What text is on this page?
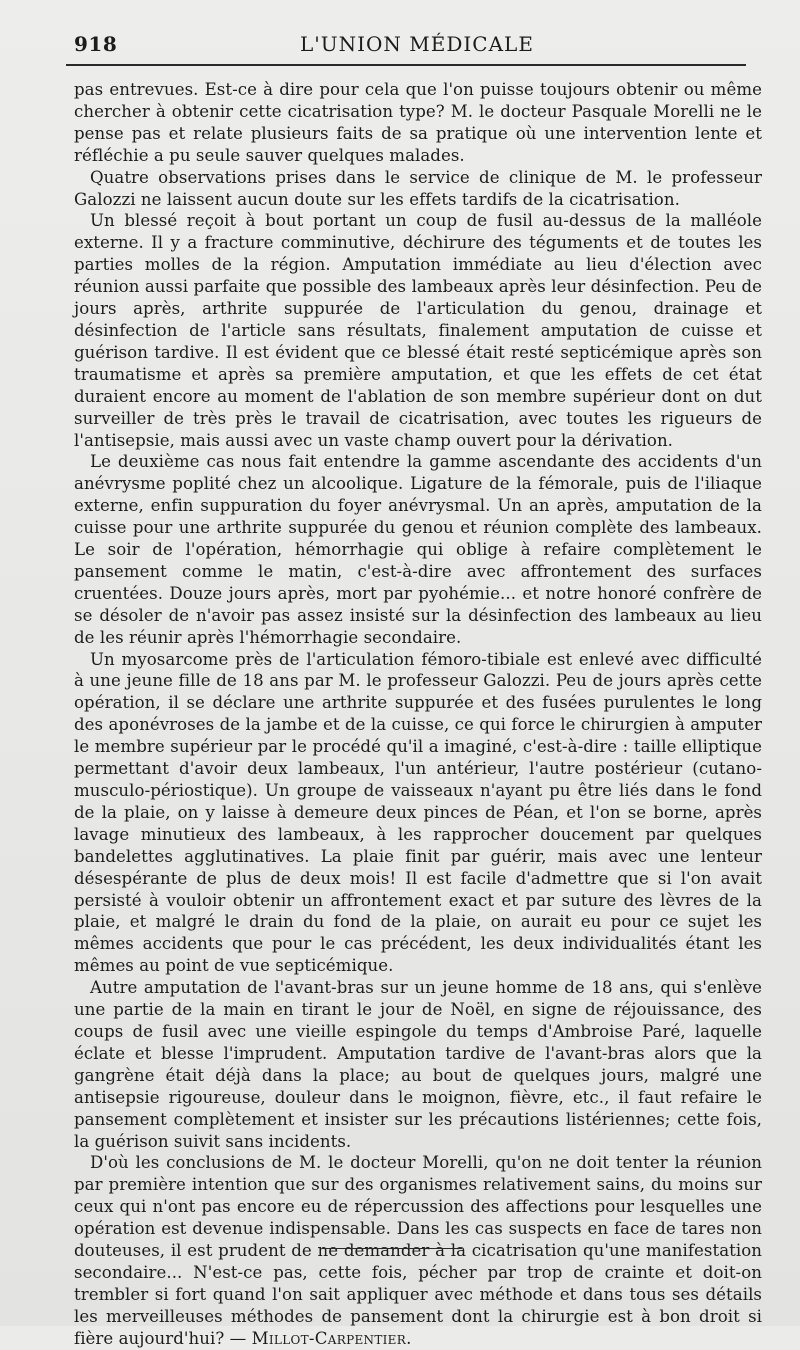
918	L'UNION MÉDICALE

pas entrevues. Est-ce à dire pour cela que l'on puisse toujours obtenir ou même chercher à obtenir cette cicatrisation type? M. le docteur Pasquale Morelli ne le pense pas et relate plusieurs faits de sa pratique où une intervention lente et réfléchie a pu seule sauver quelques malades.

Quatre observations prises dans le service de clinique de M. le professeur Galozzi ne laissent aucun doute sur les effets tardifs de la cicatrisation.

Un blessé reçoit à bout portant un coup de fusil au-dessus de la malléole externe. Il y a fracture comminutive, déchirure des téguments et de toutes les parties molles de la région. Amputation immédiate au lieu d'élection avec réunion aussi parfaite que possible des lambeaux après leur désinfection. Peu de jours après, arthrite suppurée de l'articulation du genou, drainage et désinfection de l'article sans résultats, finalement amputation de cuisse et guérison tardive. Il est évident que ce blessé était resté septicémique après son traumatisme et après sa première amputation, et que les effets de cet état duraient encore au moment de l'ablation de son membre supérieur dont on dut surveiller de très près le travail de cicatrisation, avec toutes les rigueurs de l'antisepsie, mais aussi avec un vaste champ ouvert pour la dérivation.

Le deuxième cas nous fait entendre la gamme ascendante des accidents d'un anévrysme poplité chez un alcoolique. Ligature de la fémorale, puis de l'iliaque externe, enfin suppuration du foyer anévrysmal. Un an après, amputation de la cuisse pour une arthrite suppurée du genou et réunion complète des lambeaux. Le soir de l'opération, hémorrhagie qui oblige à refaire complètement le pansement comme le matin, c'est-à-dire avec affrontement des surfaces cruentées. Douze jours après, mort par pyohémie... et notre honoré confrère de se désoler de n'avoir pas assez insisté sur la désinfection des lambeaux au lieu de les réunir après l'hémorrhagie secondaire.

Un myosarcome près de l'articulation fémoro-tibiale est enlevé avec difficulté à une jeune fille de 18 ans par M. le professeur Galozzi. Peu de jours après cette opération, il se déclare une arthrite suppurée et des fusées purulentes le long des aponévroses de la jambe et de la cuisse, ce qui force le chirurgien à amputer le membre supérieur par le procédé qu'il a imaginé, c'est-à-dire : taille elliptique permettant d'avoir deux lambeaux, l'un antérieur, l'autre postérieur (cutano-musculo-périostique). Un groupe de vaisseaux n'ayant pu être liés dans le fond de la plaie, on y laisse à demeure deux pinces de Péan, et l'on se borne, après lavage minutieux des lambeaux, à les rapprocher doucement par quelques bandelettes agglutinatives. La plaie finit par guérir, mais avec une lenteur désespérante de plus de deux mois! Il est facile d'admettre que si l'on avait persisté à vouloir obtenir un affrontement exact et par suture des lèvres de la plaie, et malgré le drain du fond de la plaie, on aurait eu pour ce sujet les mêmes accidents que pour le cas précédent, les deux individualités étant les mêmes au point de vue septicémique.

Autre amputation de l'avant-bras sur un jeune homme de 18 ans, qui s'enlève une partie de la main en tirant le jour de Noël, en signe de réjouissance, des coups de fusil avec une vieille espingole du temps d'Ambroise Paré, laquelle éclate et blesse l'imprudent. Amputation tardive de l'avant-bras alors que la gangrène était déjà dans la place; au bout de quelques jours, malgré une antisepsie rigoureuse, douleur dans le moignon, fièvre, etc., il faut refaire le pansement complètement et insister sur les précautions listériennes; cette fois, la guérison suivit sans incidents.

D'où les conclusions de M. le docteur Morelli, qu'on ne doit tenter la réunion par première intention que sur des organismes relativement sains, du moins sur ceux qui n'ont pas encore eu de répercussion des affections pour lesquelles une opération est devenue indispensable. Dans les cas suspects en face de tares non douteuses, il est prudent de ne demander à la cicatrisation qu'une manifestation secondaire... N'est-ce pas, cette fois, pécher par trop de crainte et doit-on trembler si fort quand l'on sait appliquer avec méthode et dans tous ses détails les merveilleuses méthodes de pansement dont la chirurgie est à bon droit si fière aujourd'hui? — Millot-Carpentier.
